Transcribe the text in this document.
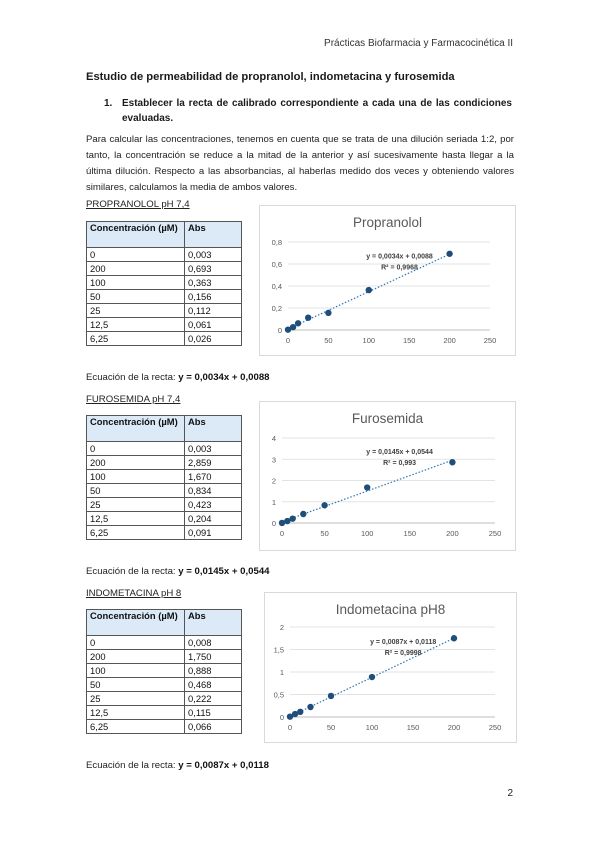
Prácticas Biofarmacia y Farmacocinética II
Estudio de permeabilidad de propranolol, indometacina y furosemida
1. Establecer la recta de calibrado correspondiente a cada una de las condiciones evaluadas.
Para calcular las concentraciones, tenemos en cuenta que se trata de una dilución seriada 1:2, por tanto, la concentración se reduce a la mitad de la anterior y así sucesivamente hasta llegar a la última dilución. Respecto a las absorbancias, al haberlas medido dos veces y obteniendo valores similares, calculamos la media de ambos valores.
PROPRANOLOL pH 7,4
Concentración (µM)	Abs
0	0,003
200	0,693
100	0,363
50	0,156
25	0,112
12,5	0,061
6,25	0,026
Propranolol
0
0,2
0,4
0,6
0,8
0	50	100	150	200	250
y = 0,0034x + 0,0088
R² = 0,9968
Ecuación de la recta: y = 0,0034x + 0,0088
FUROSEMIDA pH 7,4
Concentración (µM)	Abs
0	0,003
200	2,859
100	1,670
50	0,834
25	0,423
12,5	0,204
6,25	0,091
Furosemida
0
1
2
3
4
0	50	100	150	200	250
y = 0,0145x + 0,0544
R² = 0,993
Ecuación de la recta: y = 0,0145x + 0,0544
INDOMETACINA pH 8
Concentración (µM)	Abs
0	0,008
200	1,750
100	0,888
50	0,468
25	0,222
12,5	0,115
6,25	0,066
Indometacina pH8
0
0,5
1
1,5
2
0	50	100	150	200	250
y = 0,0087x + 0,0118
R² = 0,9998
Ecuación de la recta: y = 0,0087x + 0,0118
2
